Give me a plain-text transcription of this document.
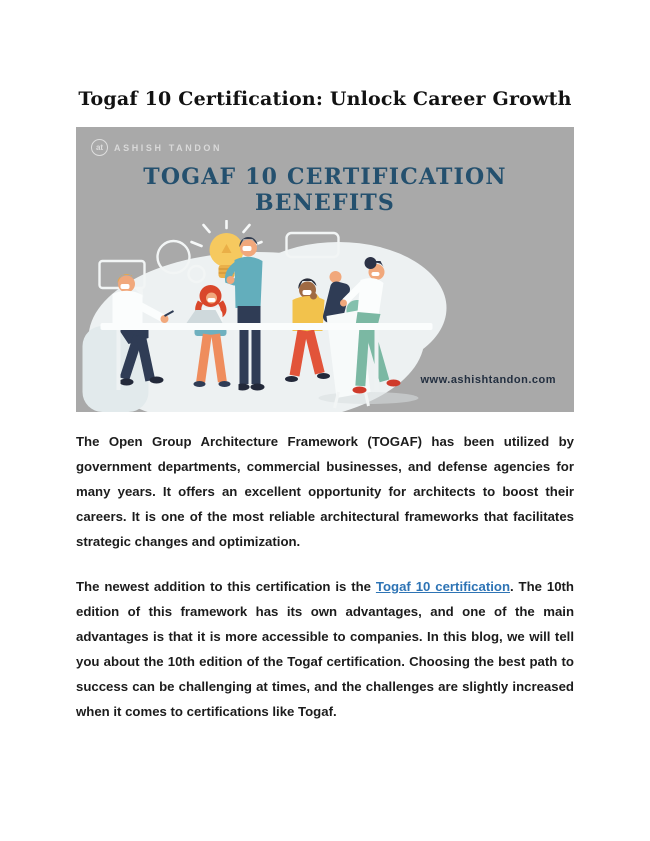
Togaf 10 Certification: Unlock Career Growth
at	ASHISH TANDON
TOGAF 10 CERTIFICATION BENEFITS
www.ashishtandon.com

The Open Group Architecture Framework (TOGAF) has been utilized by government departments, commercial businesses, and defense agencies for many years. It offers an excellent opportunity for architects to boost their careers. It is one of the most reliable architectural frameworks that facilitates strategic changes and optimization.

The newest addition to this certification is the Togaf 10 certification. The 10th edition of this framework has its own advantages, and one of the main advantages is that it is more accessible to companies. In this blog, we will tell you about the 10th edition of the Togaf certification. Choosing the best path to success can be challenging at times, and the challenges are slightly increased when it comes to certifications like Togaf.
